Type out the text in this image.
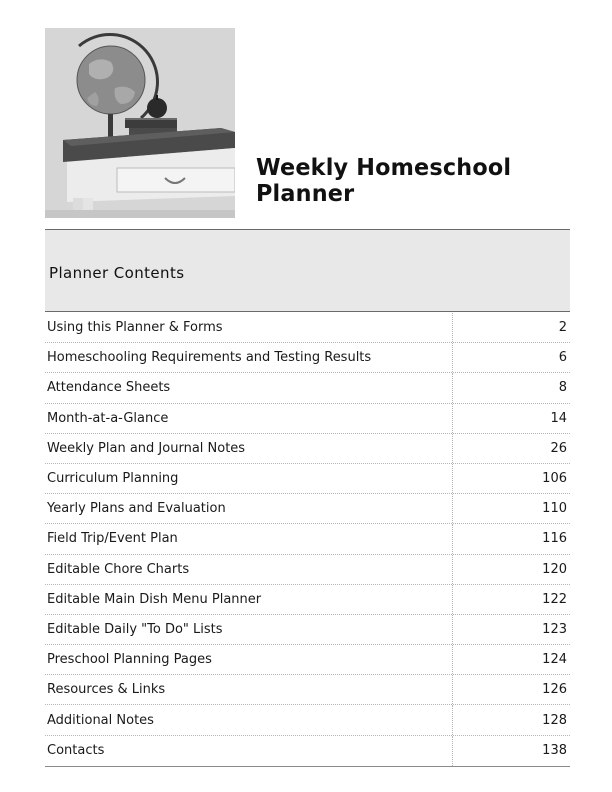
Weekly Homeschool Planner
Planner Contents
Using this Planner & Forms	2
Homeschooling Requirements and Testing Results	6
Attendance Sheets	8
Month-at-a-Glance	14
Weekly Plan and Journal Notes	26
Curriculum Planning	106
Yearly Plans and Evaluation	110
Field Trip/Event Plan	116
Editable Chore Charts	120
Editable Main Dish Menu Planner	122
Editable Daily "To Do" Lists	123
Preschool Planning Pages	124
Resources & Links	126
Additional Notes	128
Contacts	138
